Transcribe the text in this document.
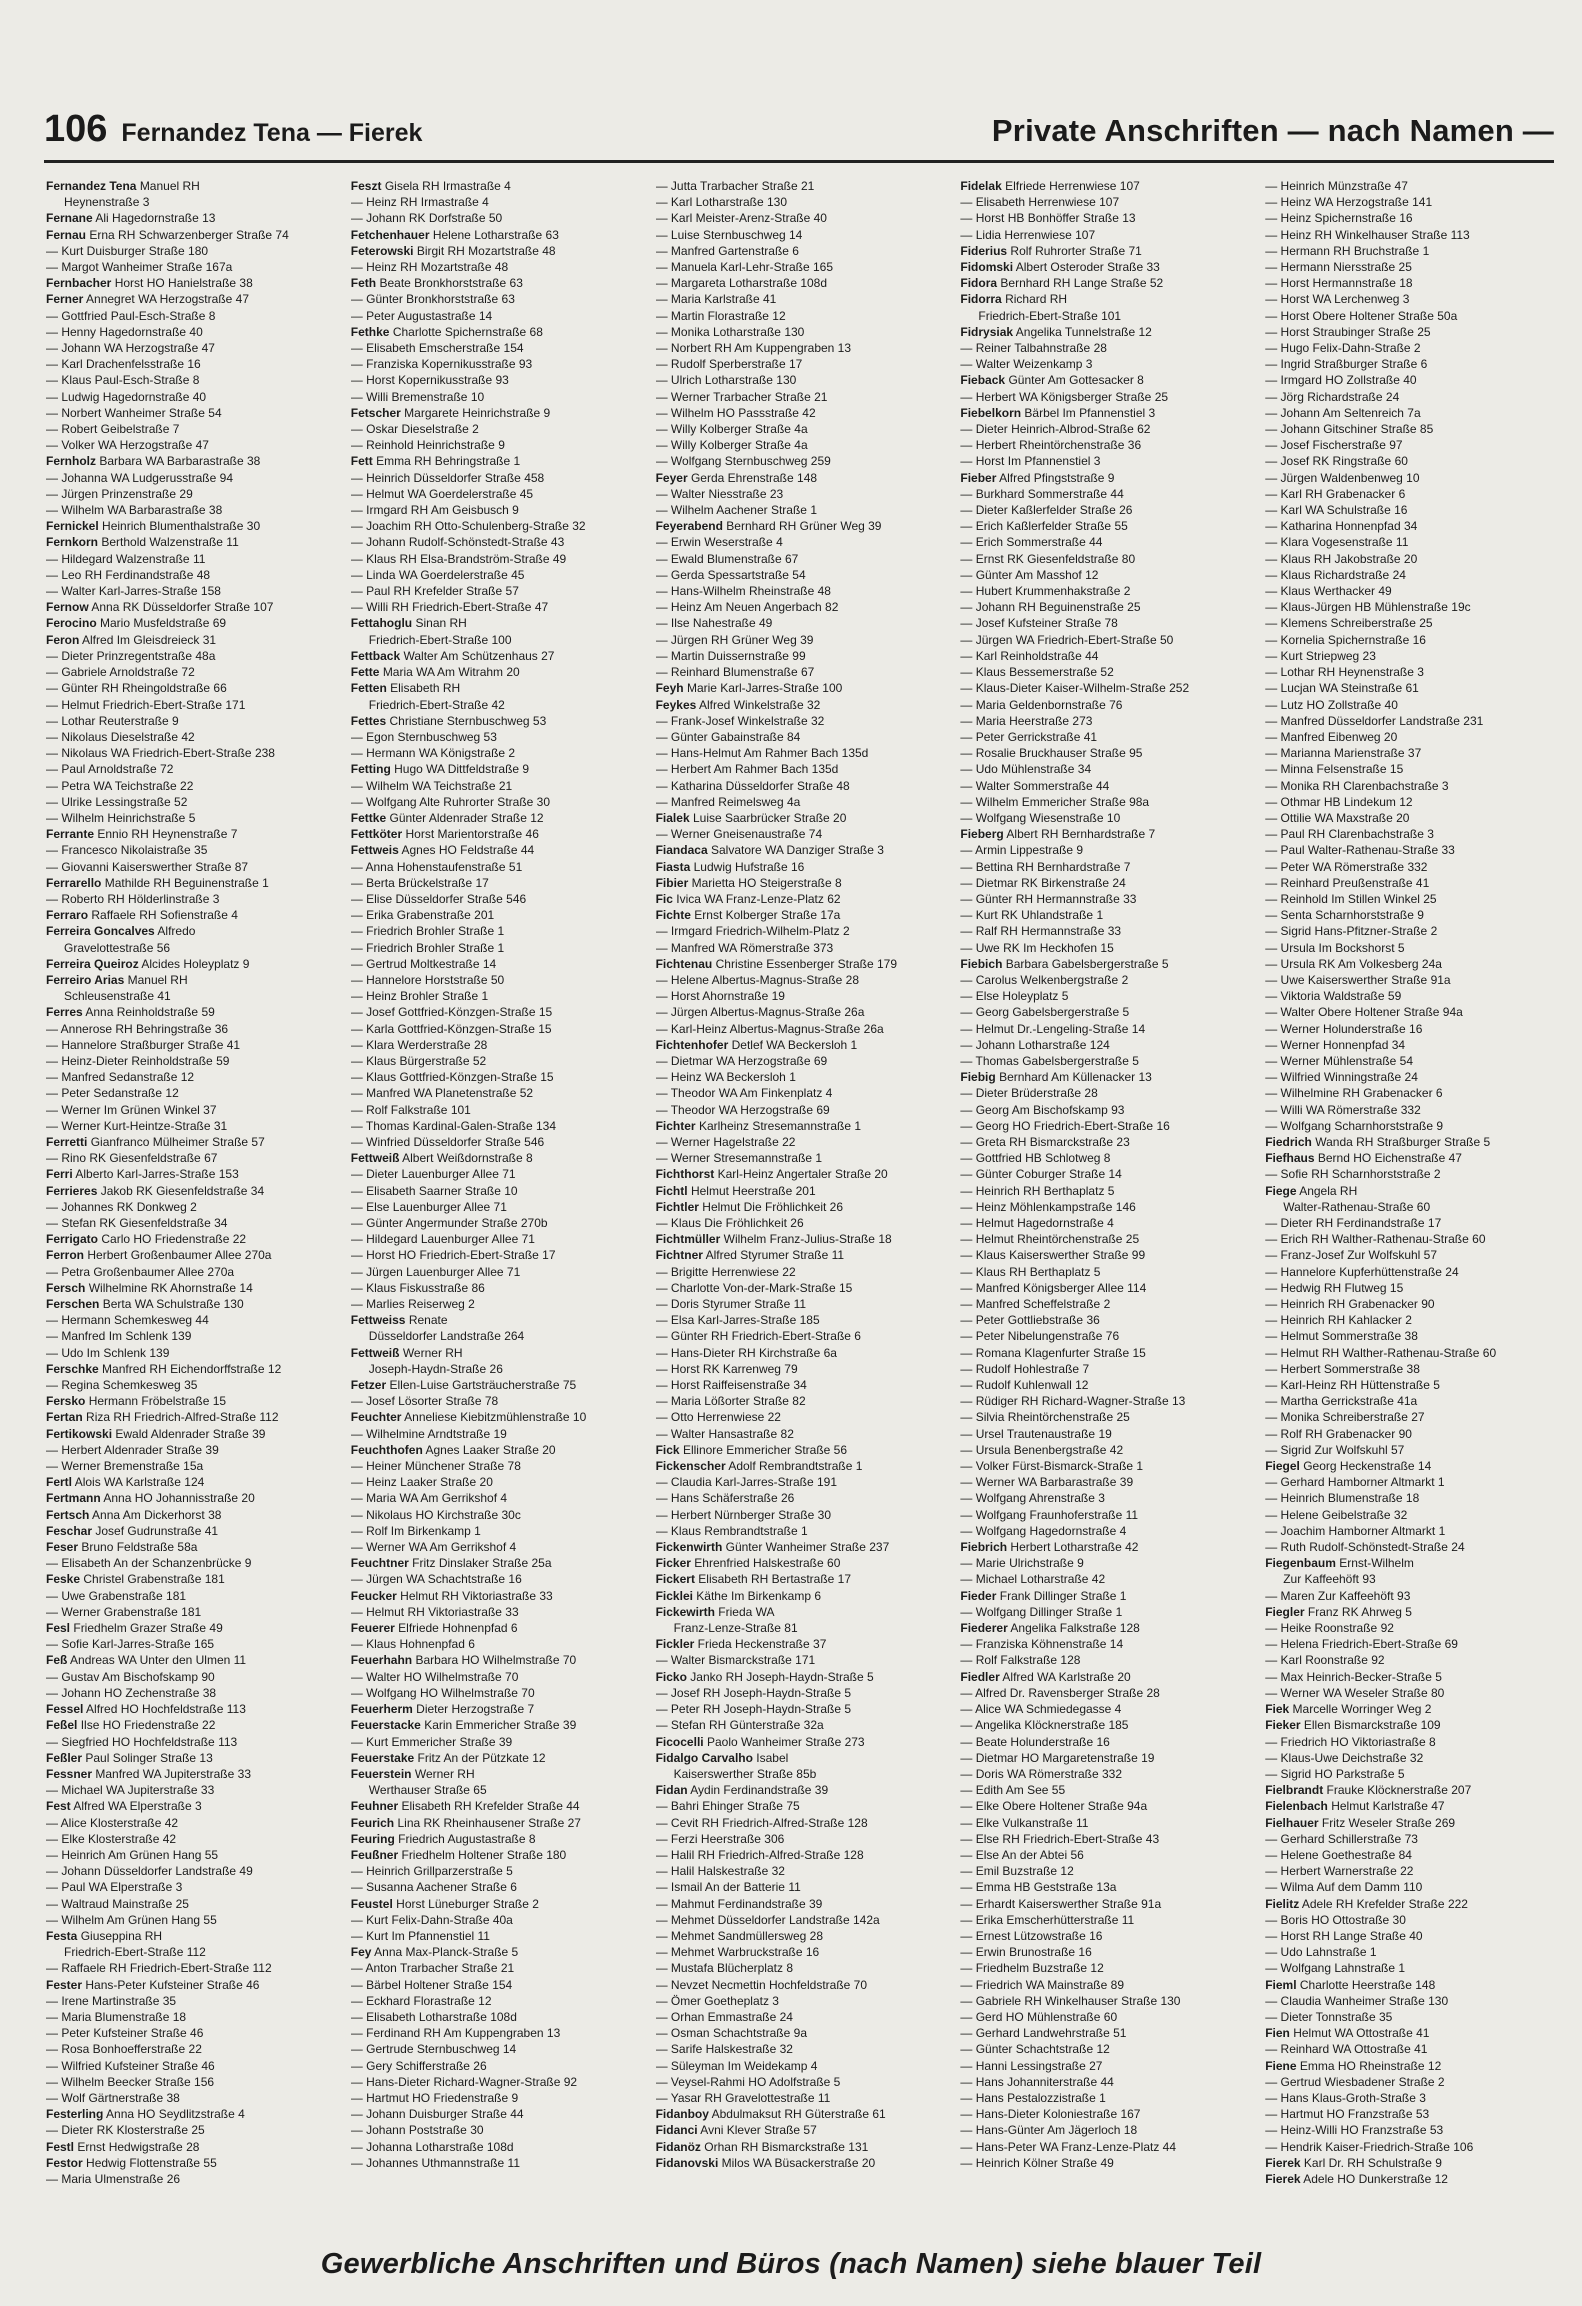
106 Fernandez Tena — Fierek	Private Anschriften — nach Namen —
Fernandez Tena Manuel RH
Heynenstraße 3
Fernane Ali Hagedornstraße 13
Fernau Erna RH Schwarzenberger Straße 74
— Kurt Duisburger Straße 180
— Margot Wanheimer Straße 167a
Fernbacher Horst HO Hanielstraße 38
Ferner Annegret WA Herzogstraße 47
— Gottfried Paul-Esch-Straße 8
— Henny Hagedornstraße 40
— Johann WA Herzogstraße 47
— Karl Drachenfelsstraße 16
— Klaus Paul-Esch-Straße 8
— Ludwig Hagedornstraße 40
— Norbert Wanheimer Straße 54
— Robert Geibelstraße 7
— Volker WA Herzogstraße 47
Fernholz Barbara WA Barbarastraße 38
— Johanna WA Ludgerusstraße 94
— Jürgen Prinzenstraße 29
— Wilhelm WA Barbarastraße 38
Fernickel Heinrich Blumenthalstraße 30
Fernkorn Berthold Walzenstraße 11
— Hildegard Walzenstraße 11
— Leo RH Ferdinandstraße 48
— Walter Karl-Jarres-Straße 158
Fernow Anna RK Düsseldorfer Straße 107
Ferocino Mario Musfeldstraße 69
Feron Alfred Im Gleisdreieck 31
— Dieter Prinzregentstraße 48a
— Gabriele Arnoldstraße 72
— Günter RH Rheingoldstraße 66
— Helmut Friedrich-Ebert-Straße 171
— Lothar Reuterstraße 9
— Nikolaus Dieselstraße 42
— Nikolaus WA Friedrich-Ebert-Straße 238
— Paul Arnoldstraße 72
— Petra WA Teichstraße 22
— Ulrike Lessingstraße 52
— Wilhelm Heinrichstraße 5
Ferrante Ennio RH Heynenstraße 7
— Francesco Nikolaistraße 35
— Giovanni Kaiserswerther Straße 87
Ferrarello Mathilde RH Beguinenstraße 1
— Roberto RH Hölderlinstraße 3
Ferraro Raffaele RH Sofienstraße 4
Ferreira Goncalves Alfredo
Gravelottestraße 56
Ferreira Queiroz Alcides Holeyplatz 9
Ferreiro Arias Manuel RH
Schleusenstraße 41
Ferres Anna Reinholdstraße 59
— Annerose RH Behringstraße 36
— Hannelore Straßburger Straße 41
— Heinz-Dieter Reinholdstraße 59
— Manfred Sedanstraße 12
— Peter Sedanstraße 12
— Werner Im Grünen Winkel 37
— Werner Kurt-Heintze-Straße 31
Ferretti Gianfranco Mülheimer Straße 57
— Rino RK Giesenfeldstraße 67
Ferri Alberto Karl-Jarres-Straße 153
Ferrieres Jakob RK Giesenfeldstraße 34
— Johannes RK Donkweg 2
— Stefan RK Giesenfeldstraße 34
Ferrigato Carlo HO Friedenstraße 22
Ferron Herbert Großenbaumer Allee 270a
— Petra Großenbaumer Allee 270a
Fersch Wilhelmine RK Ahornstraße 14
Ferschen Berta WA Schulstraße 130
— Hermann Schemkesweg 44
— Manfred Im Schlenk 139
— Udo Im Schlenk 139
Ferschke Manfred RH Eichendorffstraße 12
— Regina Schemkesweg 35
Fersko Hermann Fröbelstraße 15
Fertan Riza RH Friedrich-Alfred-Straße 112
Fertikowski Ewald Aldenrader Straße 39
— Herbert Aldenrader Straße 39
— Werner Bremenstraße 15a
Fertl Alois WA Karlstraße 124
Fertmann Anna HO Johannisstraße 20
Fertsch Anna Am Dickerhorst 38
Feschar Josef Gudrunstraße 41
Feser Bruno Feldstraße 58a
— Elisabeth An der Schanzenbrücke 9
Feske Christel Grabenstraße 181
— Uwe Grabenstraße 181
— Werner Grabenstraße 181
Fesl Friedhelm Grazer Straße 49
— Sofie Karl-Jarres-Straße 165
Feß Andreas WA Unter den Ulmen 11
— Gustav Am Bischofskamp 90
— Johann HO Zechenstraße 38
Fessel Alfred HO Hochfeldstraße 113
Feßel Ilse HO Friedenstraße 22
— Siegfried HO Hochfeldstraße 113
Feßler Paul Solinger Straße 13
Fessner Manfred WA Jupiterstraße 33
— Michael WA Jupiterstraße 33
Fest Alfred WA Elperstraße 3
— Alice Klosterstraße 42
— Elke Klosterstraße 42
— Heinrich Am Grünen Hang 55
— Johann Düsseldorfer Landstraße 49
— Paul WA Elperstraße 3
— Waltraud Mainstraße 25
— Wilhelm Am Grünen Hang 55
Festa Giuseppina RH
Friedrich-Ebert-Straße 112
— Raffaele RH Friedrich-Ebert-Straße 112
Fester Hans-Peter Kufsteiner Straße 46
— Irene Martinstraße 35
— Maria Blumenstraße 18
— Peter Kufsteiner Straße 46
— Rosa Bonhoefferstraße 22
— Wilfried Kufsteiner Straße 46
— Wilhelm Beecker Straße 156
— Wolf Gärtnerstraße 38
Festerling Anna HO Seydlitzstraße 4
— Dieter RK Klosterstraße 25
Festl Ernst Hedwigstraße 28
Festor Hedwig Flottenstraße 55
— Maria Ulmenstraße 26
Feszt Gisela RH Irmastraße 4
— Heinz RH Irmastraße 4
— Johann RK Dorfstraße 50
Fetchenhauer Helene Lotharstraße 63
Feterowski Birgit RH Mozartstraße 48
— Heinz RH Mozartstraße 48
Feth Beate Bronkhorststraße 63
— Günter Bronkhorststraße 63
— Peter Augustastraße 14
Fethke Charlotte Spichernstraße 68
— Elisabeth Emscherstraße 154
— Franziska Kopernikusstraße 93
— Horst Kopernikusstraße 93
— Willi Bremenstraße 10
Fetscher Margarete Heinrichstraße 9
— Oskar Dieselstraße 2
— Reinhold Heinrichstraße 9
Fett Emma RH Behringstraße 1
— Heinrich Düsseldorfer Straße 458
— Helmut WA Goerdelerstraße 45
— Irmgard RH Am Geisbusch 9
— Joachim RH Otto-Schulenberg-Straße 32
— Johann Rudolf-Schönstedt-Straße 43
— Klaus RH Elsa-Brandström-Straße 49
— Linda WA Goerdelerstraße 45
— Paul RH Krefelder Straße 57
— Willi RH Friedrich-Ebert-Straße 47
Fettahoglu Sinan RH
Friedrich-Ebert-Straße 100
Fettback Walter Am Schützenhaus 27
Fette Maria WA Am Witrahm 20
Fetten Elisabeth RH
Friedrich-Ebert-Straße 42
Fettes Christiane Sternbuschweg 53
— Egon Sternbuschweg 53
— Hermann WA Königstraße 2
Fetting Hugo WA Dittfeldstraße 9
— Wilhelm WA Teichstraße 21
— Wolfgang Alte Ruhrorter Straße 30
Fettke Günter Aldenrader Straße 12
Fettköter Horst Marientorstraße 46
Fettweis Agnes HO Feldstraße 44
— Anna Hohenstaufenstraße 51
— Berta Brückelstraße 17
— Elise Düsseldorfer Straße 546
— Erika Grabenstraße 201
— Friedrich Brohler Straße 1
— Friedrich Brohler Straße 1
— Gertrud Moltkestraße 14
— Hannelore Horststraße 50
— Heinz Brohler Straße 1
— Josef Gottfried-Könzgen-Straße 15
— Karla Gottfried-Könzgen-Straße 15
— Klara Werderstraße 28
— Klaus Bürgerstraße 52
— Klaus Gottfried-Könzgen-Straße 15
— Manfred WA Planetenstraße 52
— Rolf Falkstraße 101
— Thomas Kardinal-Galen-Straße 134
— Winfried Düsseldorfer Straße 546
Fettweiß Albert Weißdornstraße 8
— Dieter Lauenburger Allee 71
— Elisabeth Saarner Straße 10
— Else Lauenburger Allee 71
— Günter Angermunder Straße 270b
— Hildegard Lauenburger Allee 71
— Horst HO Friedrich-Ebert-Straße 17
— Jürgen Lauenburger Allee 71
— Klaus Fiskusstraße 86
— Marlies Reiserweg 2
Fettweiss Renate
Düsseldorfer Landstraße 264
Fettweiß Werner RH
Joseph-Haydn-Straße 26
Fetzer Ellen-Luise Gartsträucherstraße 75
— Josef Lösorter Straße 78
Feuchter Anneliese Kiebitzmühlenstraße 10
— Wilhelmine Arndtstraße 19
Feuchthofen Agnes Laaker Straße 20
— Heiner Münchener Straße 78
— Heinz Laaker Straße 20
— Maria WA Am Gerrikshof 4
— Nikolaus HO Kirchstraße 30c
— Rolf Im Birkenkamp 1
— Werner WA Am Gerrikshof 4
Feuchtner Fritz Dinslaker Straße 25a
— Jürgen WA Schachtstraße 16
Feucker Helmut RH Viktoriastraße 33
— Helmut RH Viktoriastraße 33
Feuerer Elfriede Hohnenpfad 6
— Klaus Hohnenpfad 6
Feuerhahn Barbara HO Wilhelmstraße 70
— Walter HO Wilhelmstraße 70
— Wolfgang HO Wilhelmstraße 70
Feuerherm Dieter Herzogstraße 7
Feuerstacke Karin Emmericher Straße 39
— Kurt Emmericher Straße 39
Feuerstake Fritz An der Pützkate 12
Feuerstein Werner RH
Werthauser Straße 65
Feuhner Elisabeth RH Krefelder Straße 44
Feurich Lina RK Rheinhausener Straße 27
Feuring Friedrich Augustastraße 8
Feußner Friedhelm Holtener Straße 180
— Heinrich Grillparzerstraße 5
— Susanna Aachener Straße 6
Feustel Horst Lüneburger Straße 2
— Kurt Felix-Dahn-Straße 40a
— Kurt Im Pfannenstiel 11
Fey Anna Max-Planck-Straße 5
— Anton Trarbacher Straße 21
— Bärbel Holtener Straße 154
— Eckhard Florastraße 12
— Elisabeth Lotharstraße 108d
— Ferdinand RH Am Kuppengraben 13
— Gertrude Sternbuschweg 14
— Gery Schifferstraße 26
— Hans-Dieter Richard-Wagner-Straße 92
— Hartmut HO Friedenstraße 9
— Johann Duisburger Straße 44
— Johann Poststraße 30
— Johanna Lotharstraße 108d
— Johannes Uthmannstraße 11
— Jutta Trarbacher Straße 21
— Karl Lotharstraße 130
— Karl Meister-Arenz-Straße 40
— Luise Sternbuschweg 14
— Manfred Gartenstraße 6
— Manuela Karl-Lehr-Straße 165
— Margareta Lotharstraße 108d
— Maria Karlstraße 41
— Martin Florastraße 12
— Monika Lotharstraße 130
— Norbert RH Am Kuppengraben 13
— Rudolf Sperberstraße 17
— Ulrich Lotharstraße 130
— Werner Trarbacher Straße 21
— Wilhelm HO Passstraße 42
— Willy Kolberger Straße 4a
— Willy Kolberger Straße 4a
— Wolfgang Sternbuschweg 259
Feyer Gerda Ehrenstraße 148
— Walter Niesstraße 23
— Wilhelm Aachener Straße 1
Feyerabend Bernhard RH Grüner Weg 39
— Erwin Weserstraße 4
— Ewald Blumenstraße 67
— Gerda Spessartstraße 54
— Hans-Wilhelm Rheinstraße 48
— Heinz Am Neuen Angerbach 82
— Ilse Nahestraße 49
— Jürgen RH Grüner Weg 39
— Martin Duissernstraße 99
— Reinhard Blumenstraße 67
Feyh Marie Karl-Jarres-Straße 100
Feykes Alfred Winkelstraße 32
— Frank-Josef Winkelstraße 32
— Günter Gabainstraße 84
— Hans-Helmut Am Rahmer Bach 135d
— Herbert Am Rahmer Bach 135d
— Katharina Düsseldorfer Straße 48
— Manfred Reimelsweg 4a
Fialek Luise Saarbrücker Straße 20
— Werner Gneisenaustraße 74
Fiandaca Salvatore WA Danziger Straße 3
Fiasta Ludwig Hufstraße 16
Fibier Marietta HO Steigerstraße 8
Fic Ivica WA Franz-Lenze-Platz 62
Fichte Ernst Kolberger Straße 17a
— Irmgard Friedrich-Wilhelm-Platz 2
— Manfred WA Römerstraße 373
Fichtenau Christine Essenberger Straße 179
— Helene Albertus-Magnus-Straße 28
— Horst Ahornstraße 19
— Jürgen Albertus-Magnus-Straße 26a
— Karl-Heinz Albertus-Magnus-Straße 26a
Fichtenhofer Detlef WA Beckersloh 1
— Dietmar WA Herzogstraße 69
— Heinz WA Beckersloh 1
— Theodor WA Am Finkenplatz 4
— Theodor WA Herzogstraße 69
Fichter Karlheinz Stresemannstraße 1
— Werner Hagelstraße 22
— Werner Stresemannstraße 1
Fichthorst Karl-Heinz Angertaler Straße 20
Fichtl Helmut Heerstraße 201
Fichtler Helmut Die Fröhlichkeit 26
— Klaus Die Fröhlichkeit 26
Fichtmüller Wilhelm Franz-Julius-Straße 18
Fichtner Alfred Styrumer Straße 11
— Brigitte Herrenwiese 22
— Charlotte Von-der-Mark-Straße 15
— Doris Styrumer Straße 11
— Elsa Karl-Jarres-Straße 185
— Günter RH Friedrich-Ebert-Straße 6
— Hans-Dieter RH Kirchstraße 6a
— Horst RK Karrenweg 79
— Horst Raiffeisenstraße 34
— Maria Lößorter Straße 82
— Otto Herrenwiese 22
— Walter Hansastraße 82
Fick Ellinore Emmericher Straße 56
Fickenscher Adolf Rembrandtstraße 1
— Claudia Karl-Jarres-Straße 191
— Hans Schäferstraße 26
— Herbert Nürnberger Straße 30
— Klaus Rembrandtstraße 1
Fickenwirth Günter Wanheimer Straße 237
Ficker Ehrenfried Halskestraße 60
Fickert Elisabeth RH Bertastraße 17
Ficklei Käthe Im Birkenkamp 6
Fickewirth Frieda WA
Franz-Lenze-Straße 81
Fickler Frieda Heckenstraße 37
— Walter Bismarckstraße 171
Ficko Janko RH Joseph-Haydn-Straße 5
— Josef RH Joseph-Haydn-Straße 5
— Peter RH Joseph-Haydn-Straße 5
— Stefan RH Günterstraße 32a
Ficocelli Paolo Wanheimer Straße 273
Fidalgo Carvalho Isabel
Kaiserswerther Straße 85b
Fidan Aydin Ferdinandstraße 39
— Bahri Ehinger Straße 75
— Cevit RH Friedrich-Alfred-Straße 128
— Ferzi Heerstraße 306
— Halil RH Friedrich-Alfred-Straße 128
— Halil Halskestraße 32
— Ismail An der Batterie 11
— Mahmut Ferdinandstraße 39
— Mehmet Düsseldorfer Landstraße 142a
— Mehmet Sandmüllersweg 28
— Mehmet Warbruckstraße 16
— Mustafa Blücherplatz 8
— Nevzet Necmettin Hochfeldstraße 70
— Ömer Goetheplatz 3
— Orhan Emmastraße 24
— Osman Schachtstraße 9a
— Sarife Halskestraße 32
— Süleyman Im Weidekamp 4
— Veysel-Rahmi HO Adolfstraße 5
— Yasar RH Gravelottestraße 11
Fidanboy Abdulmaksut RH Güterstraße 61
Fidanci Avni Klever Straße 57
Fidanöz Orhan RH Bismarckstraße 131
Fidanovski Milos WA Büsackerstraße 20
Fidelak Elfriede Herrenwiese 107
— Elisabeth Herrenwiese 107
— Horst HB Bonhöffer Straße 13
— Lidia Herrenwiese 107
Fiderius Rolf Ruhrorter Straße 71
Fidomski Albert Osteroder Straße 33
Fidora Bernhard RH Lange Straße 52
Fidorra Richard RH
Friedrich-Ebert-Straße 101
Fidrysiak Angelika Tunnelstraße 12
— Reiner Talbahnstraße 28
— Walter Weizenkamp 3
Fieback Günter Am Gottesacker 8
— Herbert WA Königsberger Straße 25
Fiebelkorn Bärbel Im Pfannenstiel 3
— Dieter Heinrich-Albrod-Straße 62
— Herbert Rheintörchenstraße 36
— Horst Im Pfannenstiel 3
Fieber Alfred Pfingststraße 9
— Burkhard Sommerstraße 44
— Dieter Kaßlerfelder Straße 26
— Erich Kaßlerfelder Straße 55
— Erich Sommerstraße 44
— Ernst RK Giesenfeldstraße 80
— Günter Am Masshof 12
— Hubert Krummenhakstraße 2
— Johann RH Beguinenstraße 25
— Josef Kufsteiner Straße 78
— Jürgen WA Friedrich-Ebert-Straße 50
— Karl Reinholdstraße 44
— Klaus Bessemerstraße 52
— Klaus-Dieter Kaiser-Wilhelm-Straße 252
— Maria Geldenbornstraße 76
— Maria Heerstraße 273
— Peter Gerrickstraße 41
— Rosalie Bruckhauser Straße 95
— Udo Mühlenstraße 34
— Walter Sommerstraße 44
— Wilhelm Emmericher Straße 98a
— Wolfgang Wiesenstraße 10
Fieberg Albert RH Bernhardstraße 7
— Armin Lippestraße 9
— Bettina RH Bernhardstraße 7
— Dietmar RK Birkenstraße 24
— Günter RH Hermannstraße 33
— Kurt RK Uhlandstraße 1
— Ralf RH Hermannstraße 33
— Uwe RK Im Heckhofen 15
Fiebich Barbara Gabelsbergerstraße 5
— Carolus Welkenbergstraße 2
— Else Holeyplatz 5
— Georg Gabelsbergerstraße 5
— Helmut Dr.-Lengeling-Straße 14
— Johann Lotharstraße 124
— Thomas Gabelsbergerstraße 5
Fiebig Bernhard Am Küllenacker 13
— Dieter Brüderstraße 28
— Georg Am Bischofskamp 93
— Georg HO Friedrich-Ebert-Straße 16
— Greta RH Bismarckstraße 23
— Gottfried HB Schlotweg 8
— Günter Coburger Straße 14
— Heinrich RH Berthaplatz 5
— Heinz Möhlenkampstraße 146
— Helmut Hagedornstraße 4
— Helmut Rheintörchenstraße 25
— Klaus Kaiserswerther Straße 99
— Klaus RH Berthaplatz 5
— Manfred Königsberger Allee 114
— Manfred Scheffelstraße 2
— Peter Gottliebstraße 36
— Peter Nibelungenstraße 76
— Romana Klagenfurter Straße 15
— Rudolf Hohlestraße 7
— Rudolf Kuhlenwall 12
— Rüdiger RH Richard-Wagner-Straße 13
— Silvia Rheintörchenstraße 25
— Ursel Trautenaustraße 19
— Ursula Benenbergstraße 42
— Volker Fürst-Bismarck-Straße 1
— Werner WA Barbarastraße 39
— Wolfgang Ahrenstraße 3
— Wolfgang Fraunhoferstraße 11
— Wolfgang Hagedornstraße 4
Fiebrich Herbert Lotharstraße 42
— Marie Ulrichstraße 9
— Michael Lotharstraße 42
Fieder Frank Dillinger Straße 1
— Wolfgang Dillinger Straße 1
Fiederer Angelika Falkstraße 128
— Franziska Köhnenstraße 14
— Rolf Falkstraße 128
Fiedler Alfred WA Karlstraße 20
— Alfred Dr. Ravensberger Straße 28
— Alice WA Schmiedegasse 4
— Angelika Klöcknerstraße 185
— Beate Holunderstraße 16
— Dietmar HO Margaretenstraße 19
— Doris WA Römerstraße 332
— Edith Am See 55
— Elke Obere Holtener Straße 94a
— Elke Vulkanstraße 11
— Else RH Friedrich-Ebert-Straße 43
— Else An der Abtei 56
— Emil Buzstraße 12
— Emma HB Geststraße 13a
— Erhardt Kaiserswerther Straße 91a
— Erika Emscherhütterstraße 11
— Ernest Lützowstraße 16
— Erwin Brunostraße 16
— Friedhelm Buzstraße 12
— Friedrich WA Mainstraße 89
— Gabriele RH Winkelhauser Straße 130
— Gerd HO Mühlenstraße 60
— Gerhard Landwehrstraße 51
— Günter Schachtstraße 12
— Hanni Lessingstraße 27
— Hans Johanniterstraße 44
— Hans Pestalozzistraße 1
— Hans-Dieter Koloniestraße 167
— Hans-Günter Am Jägerloch 18
— Hans-Peter WA Franz-Lenze-Platz 44
— Heinrich Kölner Straße 49
— Heinrich Münzstraße 47
— Heinz WA Herzogstraße 141
— Heinz Spichernstraße 16
— Heinz RH Winkelhauser Straße 113
— Hermann RH Bruchstraße 1
— Hermann Niersstraße 25
— Horst Hermannstraße 18
— Horst WA Lerchenweg 3
— Horst Obere Holtener Straße 50a
— Horst Straubinger Straße 25
— Hugo Felix-Dahn-Straße 2
— Ingrid Straßburger Straße 6
— Irmgard HO Zollstraße 40
— Jörg Richardstraße 24
— Johann Am Seltenreich 7a
— Johann Gitschiner Straße 85
— Josef Fischerstraße 97
— Josef RK Ringstraße 60
— Jürgen Waldenbenweg 10
— Karl RH Grabenacker 6
— Karl WA Schulstraße 16
— Katharina Honnenpfad 34
— Klara Vogesenstraße 11
— Klaus RH Jakobstraße 20
— Klaus Richardstraße 24
— Klaus Werthacker 49
— Klaus-Jürgen HB Mühlenstraße 19c
— Klemens Schreiberstraße 25
— Kornelia Spichernstraße 16
— Kurt Striepweg 23
— Lothar RH Heynenstraße 3
— Lucjan WA Steinstraße 61
— Lutz HO Zollstraße 40
— Manfred Düsseldorfer Landstraße 231
— Manfred Eibenweg 20
— Marianna Marienstraße 37
— Minna Felsenstraße 15
— Monika RH Clarenbachstraße 3
— Othmar HB Lindekum 12
— Ottilie WA Maxstraße 20
— Paul RH Clarenbachstraße 3
— Paul Walter-Rathenau-Straße 33
— Peter WA Römerstraße 332
— Reinhard Preußenstraße 41
— Reinhold Im Stillen Winkel 25
— Senta Scharnhorststraße 9
— Sigrid Hans-Pfitzner-Straße 2
— Ursula Im Bockshorst 5
— Ursula RK Am Volkesberg 24a
— Uwe Kaiserswerther Straße 91a
— Viktoria Waldstraße 59
— Walter Obere Holtener Straße 94a
— Werner Holunderstraße 16
— Werner Honnenpfad 34
— Werner Mühlenstraße 54
— Wilfried Winningstraße 24
— Wilhelmine RH Grabenacker 6
— Willi WA Römerstraße 332
— Wolfgang Scharnhorststraße 9
Fiedrich Wanda RH Straßburger Straße 5
Fiefhaus Bernd HO Eichenstraße 47
— Sofie RH Scharnhorststraße 2
Fiege Angela RH
Walter-Rathenau-Straße 60
— Dieter RH Ferdinandstraße 17
— Erich RH Walther-Rathenau-Straße 60
— Franz-Josef Zur Wolfskuhl 57
— Hannelore Kupferhüttenstraße 24
— Hedwig RH Flutweg 15
— Heinrich RH Grabenacker 90
— Heinrich RH Kahlacker 2
— Helmut Sommerstraße 38
— Helmut RH Walther-Rathenau-Straße 60
— Herbert Sommerstraße 38
— Karl-Heinz RH Hüttenstraße 5
— Martha Gerrickstraße 41a
— Monika Schreiberstraße 27
— Rolf RH Grabenacker 90
— Sigrid Zur Wolfskuhl 57
Fiegel Georg Heckenstraße 14
— Gerhard Hamborner Altmarkt 1
— Heinrich Blumenstraße 18
— Helene Geibelstraße 32
— Joachim Hamborner Altmarkt 1
— Ruth Rudolf-Schönstedt-Straße 24
Fiegenbaum Ernst-Wilhelm
Zur Kaffeehöft 93
— Maren Zur Kaffeehöft 93
Fiegler Franz RK Ahrweg 5
— Heike Roonstraße 92
— Helena Friedrich-Ebert-Straße 69
— Karl Roonstraße 92
— Max Heinrich-Becker-Straße 5
— Werner WA Weseler Straße 80
Fiek Marcelle Worringer Weg 2
Fieker Ellen Bismarckstraße 109
— Friedrich HO Viktoriastraße 8
— Klaus-Uwe Deichstraße 32
— Sigrid HO Parkstraße 5
Fielbrandt Frauke Klöcknerstraße 207
Fielenbach Helmut Karlstraße 47
Fielhauer Fritz Weseler Straße 269
— Gerhard Schillerstraße 73
— Helene Goethestraße 84
— Herbert Warnerstraße 22
— Wilma Auf dem Damm 110
Fielitz Adele RH Krefelder Straße 222
— Boris HO Ottostraße 30
— Horst RH Lange Straße 40
— Udo Lahnstraße 1
— Wolfgang Lahnstraße 1
Fieml Charlotte Heerstraße 148
— Claudia Wanheimer Straße 130
— Dieter Tonnstraße 35
Fien Helmut WA Ottostraße 41
— Reinhard WA Ottostraße 41
Fiene Emma HO Rheinstraße 12
— Gertrud Wiesbadener Straße 2
— Hans Klaus-Groth-Straße 3
— Hartmut HO Franzstraße 53
— Heinz-Willi HO Franzstraße 53
— Hendrik Kaiser-Friedrich-Straße 106
Fierek Karl Dr. RH Schulstraße 9
Fierek Adele HO Dunkerstraße 12
Gewerbliche Anschriften und Büros (nach Namen) siehe blauer Teil
